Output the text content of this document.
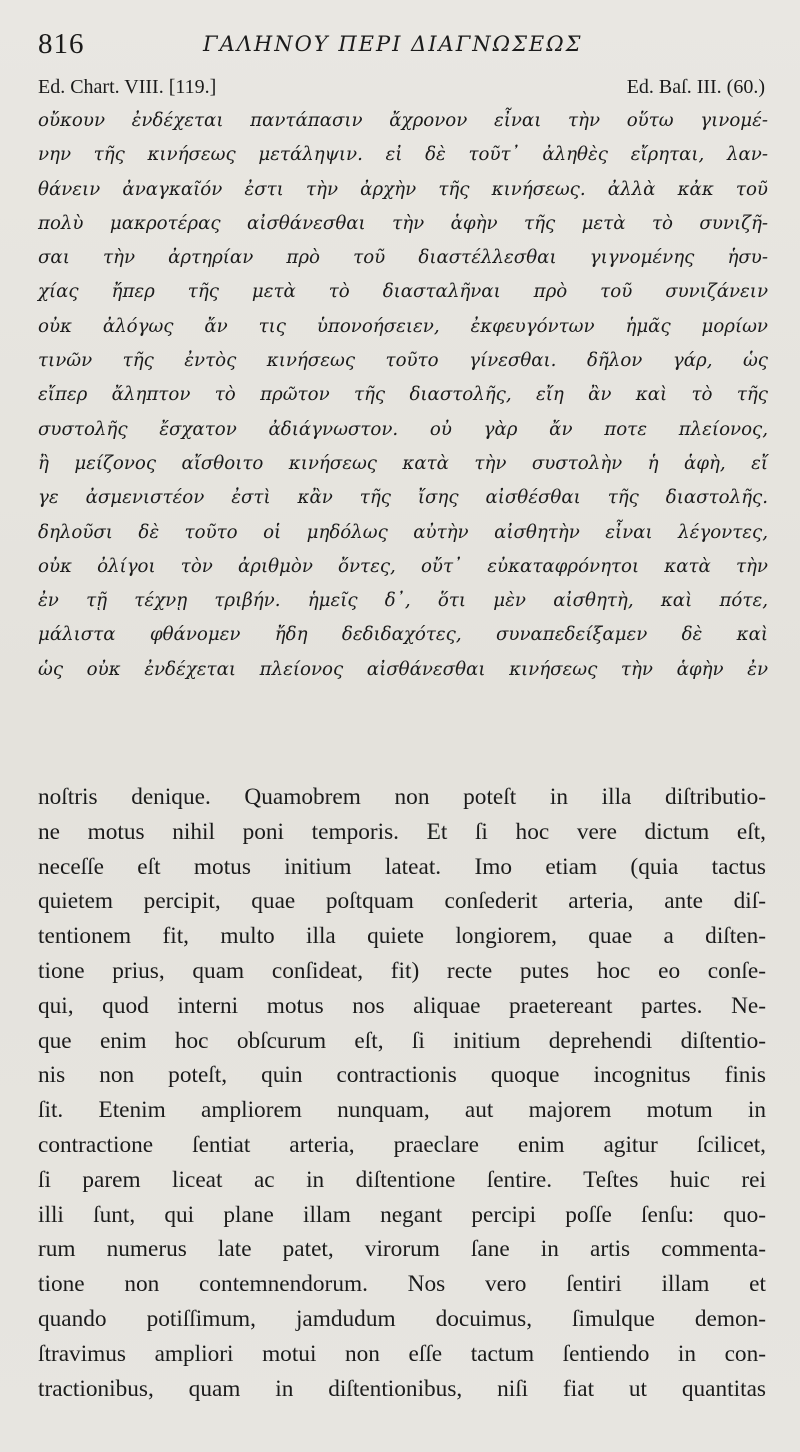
816	ΓΑΛΗΝΟΥ ΠΕΡΙ ΔΙΑΓΝΩΣΕΩΣ
Ed. Chart. VIII. [119.]	Ed. Baſ. III. (60.)
οὔκουν ἐνδέχεται παντάπασιν ἄχρονον εἶναι τὴν οὕτω γινομέ-
νην τῆς κινήσεως μετάληψιν. εἰ δὲ τοῦτ᾽ ἀληθὲς εἴρηται, λαν-
θάνειν ἀναγκαῖόν ἐστι τὴν ἀρχὴν τῆς κινήσεως. ἀλλὰ κἀκ τοῦ
πολὺ μακροτέρας αἰσθάνεσθαι τὴν ἁφὴν τῆς μετὰ τὸ συνιζῆ-
σαι τὴν ἀρτηρίαν πρὸ τοῦ διαστέλλεσθαι γιγνομένης ἡσυ-
χίας ἤπερ τῆς μετὰ τὸ διασταλῆναι πρὸ τοῦ συνιζάνειν
οὐκ ἀλόγως ἄν τις ὑπονοήσειεν, ἐκφευγόντων ἡμᾶς μορίων
τινῶν τῆς ἐντὸς κινήσεως τοῦτο γίνεσθαι. δῆλον γάρ, ὡς
εἴπερ ἄληπτον τὸ πρῶτον τῆς διαστολῆς, εἴη ἂν καὶ τὸ τῆς
συστολῆς ἔσχατον ἀδιάγνωστον. οὐ γὰρ ἄν ποτε πλείονος,
ἢ μείζονος αἴσθοιτο κινήσεως κατὰ τὴν συστολὴν ἡ ἁφὴ, εἴ
γε ἀσμενιστέον ἐστὶ κἂν τῆς ἴσης αἰσθέσθαι τῆς διαστολῆς.
δηλοῦσι δὲ τοῦτο οἱ μηδόλως αὐτὴν αἰσθητὴν εἶναι λέγοντες,
οὐκ ὀλίγοι τὸν ἀριθμὸν ὄντες, οὔτ᾽ εὐκαταφρόνητοι κατὰ τὴν
ἐν τῇ τέχνῃ τριβήν. ἡμεῖς δ᾽, ὅτι μὲν αἰσθητὴ, καὶ πότε,
μάλιστα φθάνομεν ἤδη δεδιδαχότες, συναπεδείξαμεν δὲ καὶ
ὡς οὐκ ἐνδέχεται πλείονος αἰσθάνεσθαι κινήσεως τὴν ἁφὴν ἐν
noſtris denique. Quamobrem non poteſt in illa diſtributio-
ne motus nihil poni temporis. Et ſi hoc vere dictum eſt,
neceſſe eſt motus initium lateat. Imo etiam (quia tactus
quietem percipit, quae poſtquam conſederit arteria, ante diſ-
tentionem fit, multo illa quiete longiorem, quae a diſten-
tione prius, quam conſideat, fit) recte putes hoc eo conſe-
qui, quod interni motus nos aliquae praetereant partes. Ne-
que enim hoc obſcurum eſt, ſi initium deprehendi diſtentio-
nis non poteſt, quin contractionis quoque incognitus finis
ſit. Etenim ampliorem nunquam, aut majorem motum in
contractione ſentiat arteria, praeclare enim agitur ſcilicet,
ſi parem liceat ac in diſtentione ſentire. Teſtes huic rei
illi ſunt, qui plane illam negant percipi poſſe ſenſu: quo-
rum numerus late patet, virorum ſane in artis commenta-
tione non contemnendorum. Nos vero ſentiri illam et
quando potiſſimum, jamdudum docuimus, ſimulque demon-
ſtravimus ampliori motui non eſſe tactum ſentiendo in con-
tractionibus, quam in diſtentionibus, niſi fiat ut quantitas
